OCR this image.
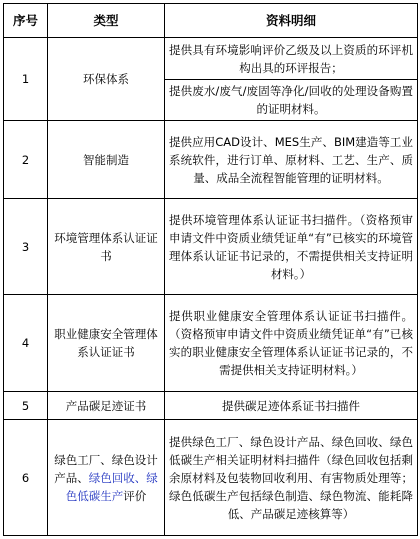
序号	类型	资料明细
1	环保体系	提供具有环境影响评价乙级及以上资质的环评机构出具的环评报告；
		提供废水/废气/废固等净化/回收的处理设备购置的证明材料。
2	智能制造	提供应用CAD设计、MES生产、BIM建造等工业系统软件，进行订单、原材料、工艺、生产、质量、成品全流程智能管理的证明材料。
3	环境管理体系认证证书	提供环境管理体系认证证书扫描件。（资格预审申请文件中资质业绩凭证单“有”已核实的环境管理体系认证证书记录的，不需提供相关支持证明材料。）
4	职业健康安全管理体系认证证书	提供职业健康安全管理体系认证证书扫描件。（资格预审申请文件中资质业绩凭证单“有”已核实的职业健康安全管理体系认证证书记录的，不需提供相关支持证明材料。）
5	产品碳足迹证书	提供碳足迹体系证书扫描件
6	绿色工厂、绿色设计产品、绿色回收、绿色低碳生产评价	提供绿色工厂、绿色设计产品、绿色回收、绿色低碳生产相关证明材料扫描件（绿色回收包括剩余原材料及包装物回收利用、有害物质处理等；绿色低碳生产包括绿色制造、绿色物流、能耗降低、产品碳足迹核算等）
